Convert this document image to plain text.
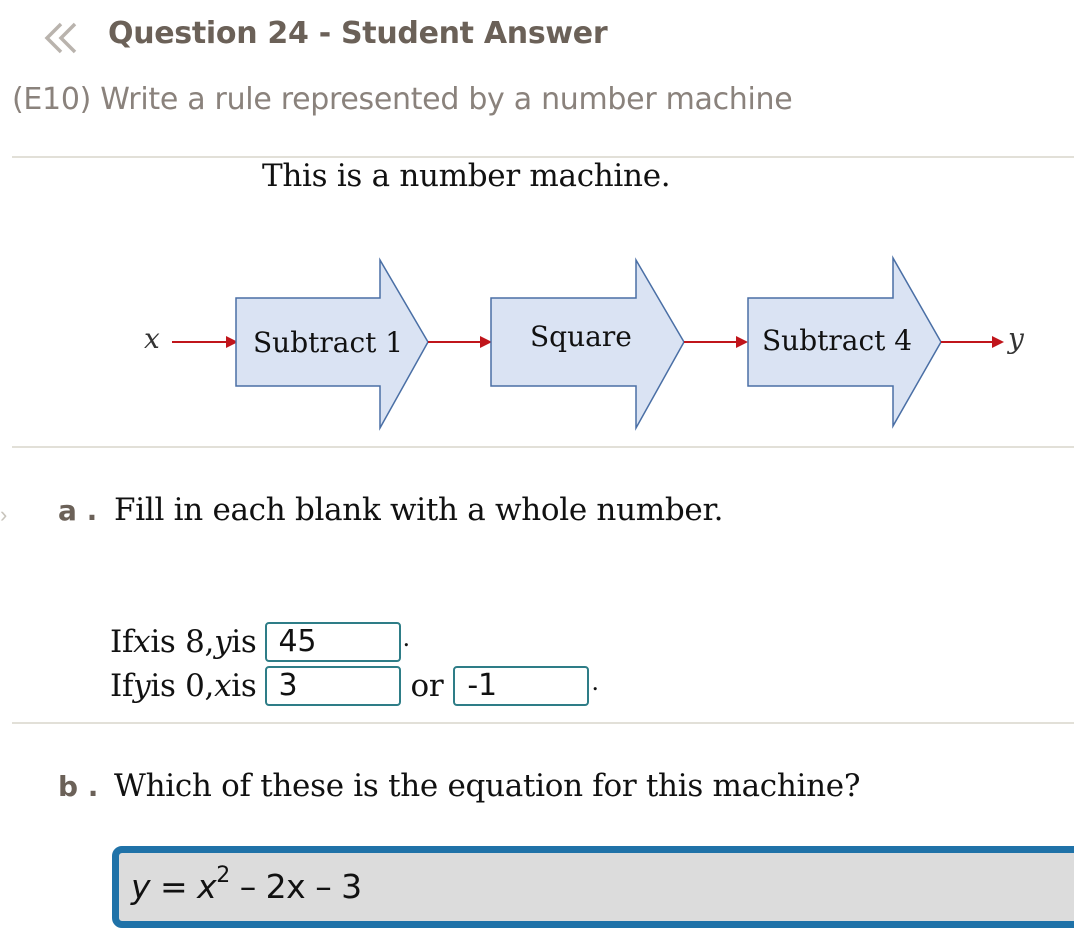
Question 24 - Student Answer
(E10) Write a rule represented by a number machine
This is a number machine.
x	Subtract 1	Square	Subtract 4	y
› a . Fill in each blank with a whole number.
If x is 8, y is 45	.
If y is 0, x is 3	or -1	.
b . Which of these is the equation for this machine?
$y = x^2 - 2x - 3$
